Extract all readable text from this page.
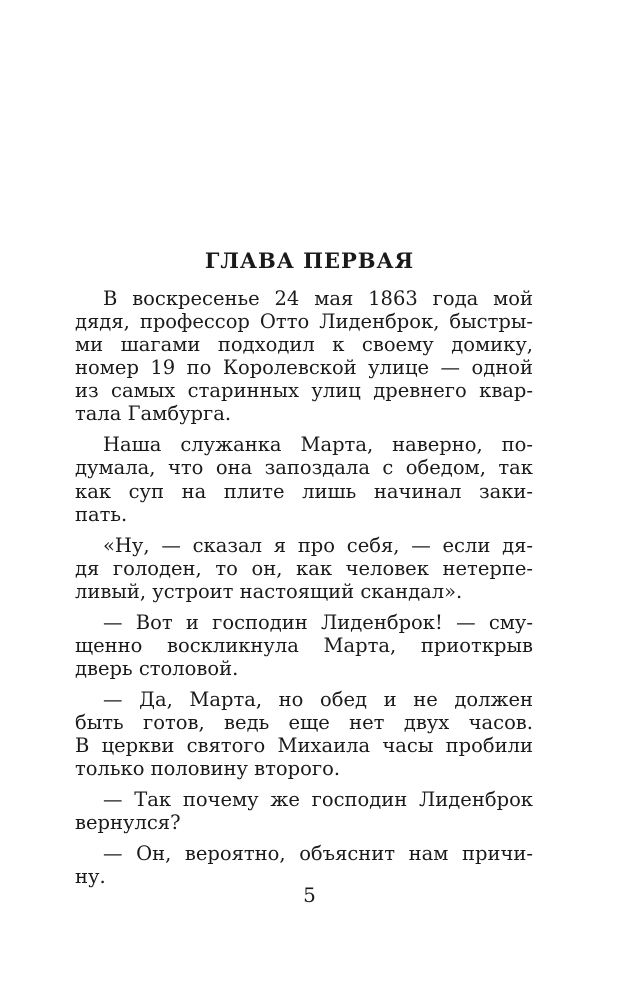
ГЛАВА ПЕРВАЯ
В воскресенье 24 мая 1863 года мой
дядя, профессор Отто Лиденброк, быстры-
ми шагами подходил к своему домику,
номер 19 по Королевской улице — одной
из самых старинных улиц древнего квар-
тала Гамбурга.
Наша служанка Марта, наверно, по-
думала, что она запоздала с обедом, так
как суп на плите лишь начинал заки-
пать.
«Ну, — сказал я про себя, — если дя-
дя голоден, то он, как человек нетерпе-
ливый, устроит настоящий скандал».
— Вот и господин Лиденброк! — сму-
щенно воскликнула Марта, приоткрыв
дверь столовой.
— Да, Марта, но обед и не должен
быть готов, ведь еще нет двух часов.
В церкви святого Михаила часы пробили
только половину второго.
— Так почему же господин Лиденброк
вернулся?
— Он, вероятно, объяснит нам причи-
ну.
5
